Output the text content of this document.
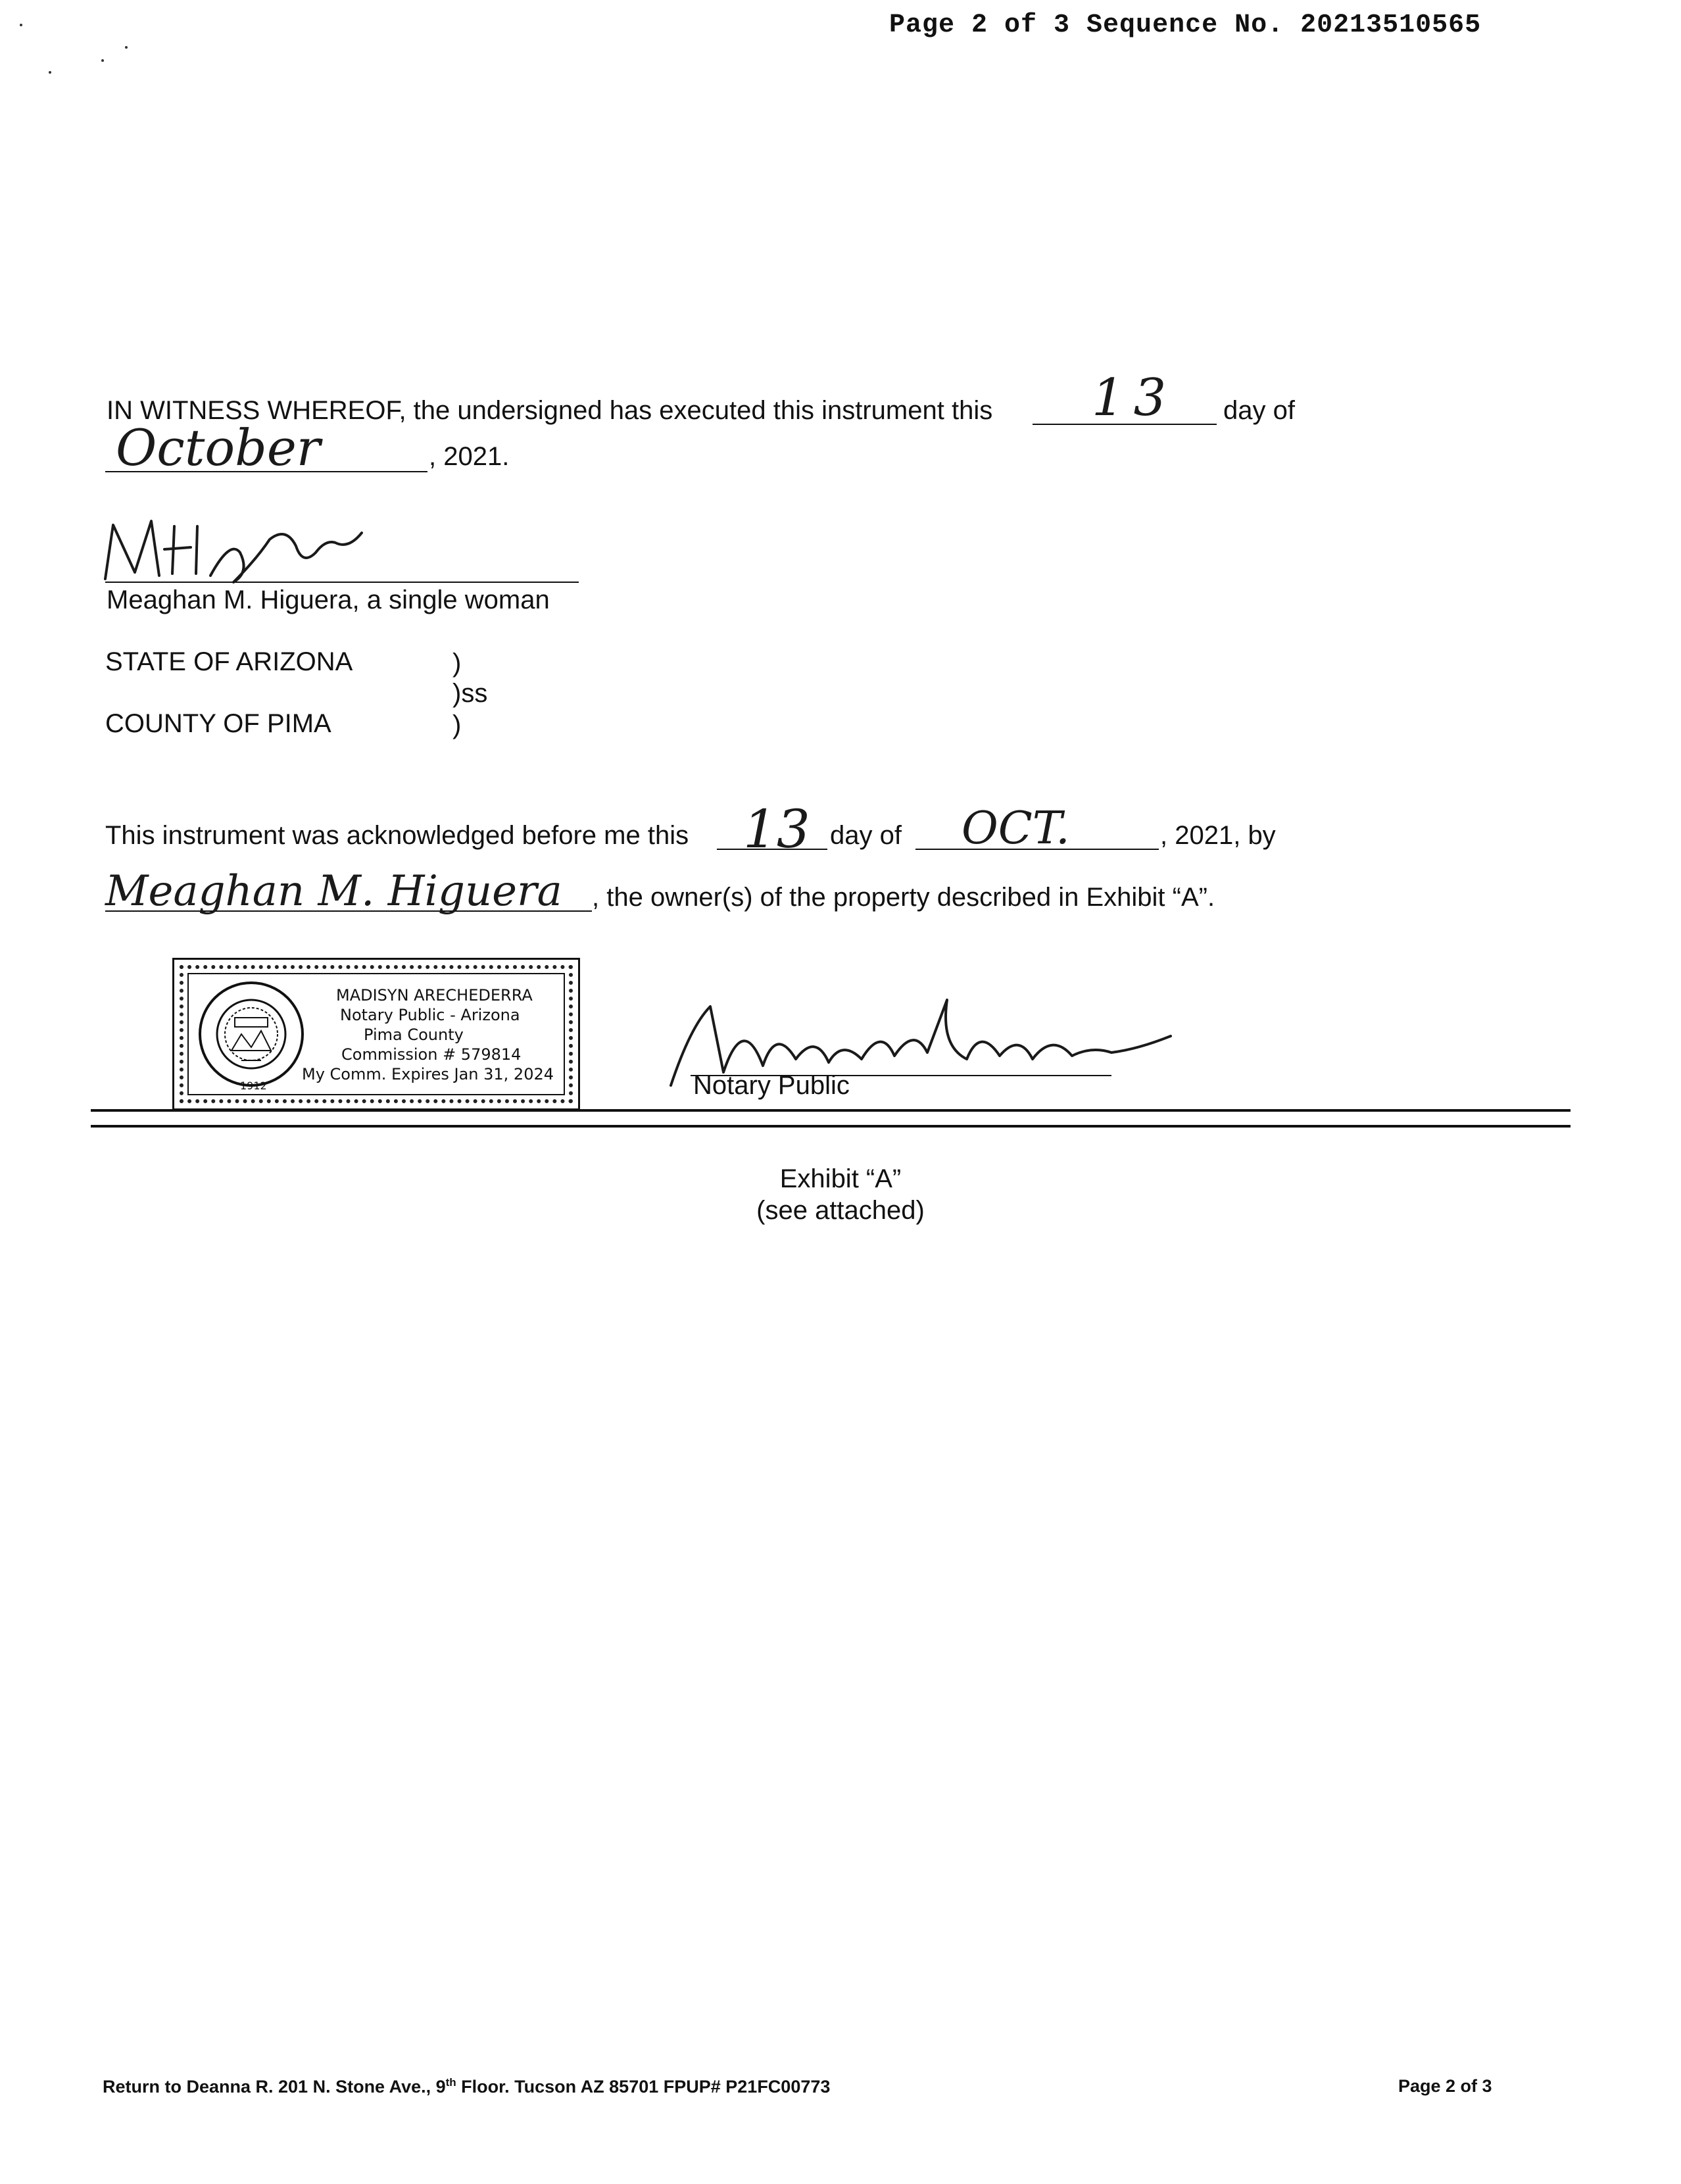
Page 2 of 3 Sequence No. 20213510565
IN WITNESS WHEREOF, the undersigned has executed this instrument this 13 day of
October	, 2021.
Meaghan M. Higuera, a single woman
STATE OF ARIZONA	)
)ss
COUNTY OF PIMA	)
This instrument was acknowledged before me this 13 day of OCT.	, 2021, by
Meaghan M. Higuera , the owner(s) of the property described in Exhibit “A”.
1912
MADISYN ARECHEDERRA
Notary Public - Arizona
Pima County
Commission # 579814
My Comm. Expires Jan 31, 2024	Notary Public
Exhibit “A”
(see attached)
Return to Deanna R. 201 N. Stone Ave., 9th Floor. Tucson AZ 85701 FPUP# P21FC00773	Page 2 of 3
